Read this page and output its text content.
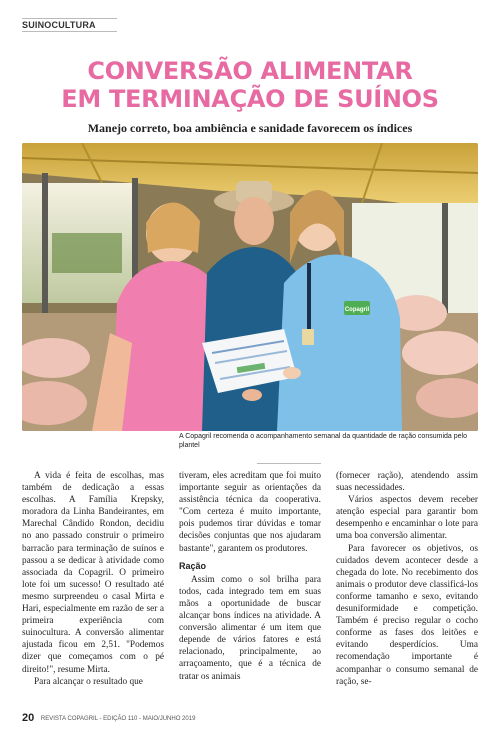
SUINOCULTURA
CONVERSÃO ALIMENTAR
EM TERMINAÇÃO DE SUÍNOS
Manejo correto, boa ambiência e sanidade favorecem os índices
Copagril
A Copagril recomenda o acompanhamento semanal da quantidade de ração consumida pelo plantel

A vida é feita de escolhas, mas também de dedicação a essas escolhas. A Família Krepsky, moradora da Linha Bandeirantes, em Marechal Cândido Rondon, decidiu no ano passado construir o primeiro barracão para terminação de suínos e passou a se dedicar à atividade como associada da Copagril. O primeiro lote foi um sucesso! O resultado até mesmo surpreendeu o casal Mirta e Hari, especialmente em razão de ser a primeira experiência com suinocultura. A conversão alimentar ajustada ficou em 2,51. "Podemos dizer que começamos com o pé direito!", resume Mirta.

Para alcançar o resultado que

tiveram, eles acreditam que foi muito importante seguir as orientações da assistência técnica da cooperativa. "Com certeza é muito importante, pois pudemos tirar dúvidas e tomar decisões conjuntas que nos ajudaram bastante", garantem os produtores.

Ração

Assim como o sol brilha para todos, cada integrado tem em suas mãos a oportunidade de buscar alcançar bons índices na atividade. A conversão alimentar é um item que depende de vários fatores e está relacionado, principalmente, ao arraçoamento, que é a técnica de tratar os animais

(fornecer ração), atendendo assim suas necessidades.

Vários aspectos devem receber atenção especial para garantir bom desempenho e encaminhar o lote para uma boa conversão alimentar.

Para favorecer os objetivos, os cuidados devem acontecer desde a chegada do lote. No recebimento dos animais o produtor deve classificá-los conforme tamanho e sexo, evitando desuniformidade e competição. Também é preciso regular o cocho conforme as fases dos leitões e evitando desperdícios. Uma recomendação importante é acompanhar o consumo semanal de ração, se-

20 REVISTA COPAGRIL - EDIÇÃO 110 - MAIO/JUNHO 2019
